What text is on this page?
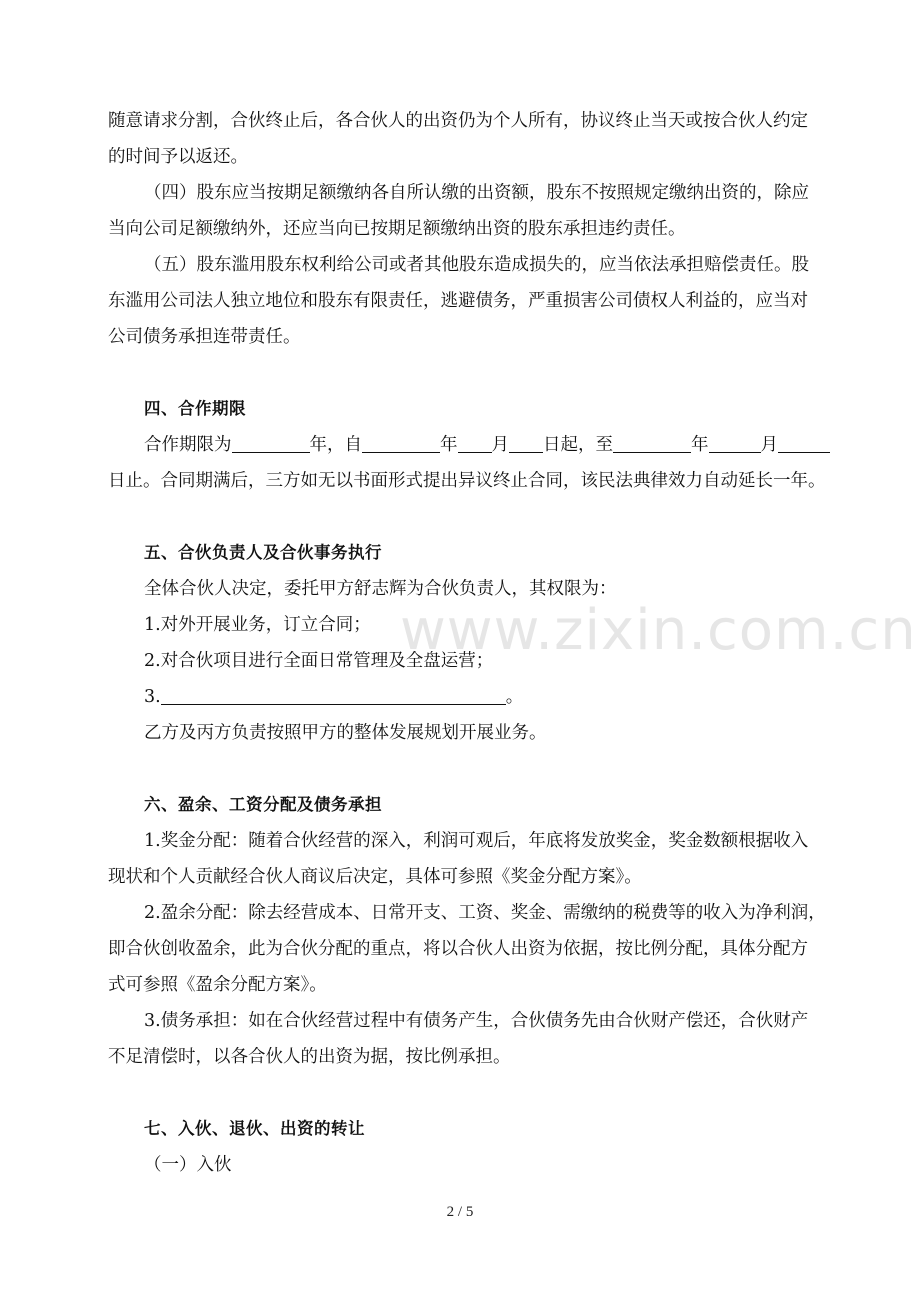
www.zixin.com.cn

随意请求分割，合伙终止后，各合伙人的出资仍为个人所有，协议终止当天或按合伙人约定

的时间予以返还。

（四）股东应当按期足额缴纳各自所认缴的出资额，股东不按照规定缴纳出资的，除应

当向公司足额缴纳外，还应当向已按期足额缴纳出资的股东承担违约责任。

（五）股东滥用股东权利给公司或者其他股东造成损失的，应当依法承担赔偿责任。股

东滥用公司法人独立地位和股东有限责任，逃避债务，严重损害公司债权人利益的，应当对

公司债务承担连带责任。

四、合作期限

合作期限为	年，自	年 月 日起，至	年	月

日止。合同期满后，三方如无以书面形式提出异议终止合同，该民法典律效力自动延长一年。

五、合伙负责人及合伙事务执行

全体合伙人决定，委托甲方舒志辉为合伙负责人，其权限为：

1.对外开展业务，订立合同；

2.对合伙项目进行全面日常管理及全盘运营；

3.	。

乙方及丙方负责按照甲方的整体发展规划开展业务。

六、盈余、工资分配及债务承担

1.奖金分配：随着合伙经营的深入，利润可观后，年底将发放奖金，奖金数额根据收入

现状和个人贡献经合伙人商议后决定，具体可参照《奖金分配方案》。

2.盈余分配：除去经营成本、日常开支、工资、奖金、需缴纳的税费等的收入为净利润，

即合伙创收盈余，此为合伙分配的重点，将以合伙人出资为依据，按比例分配，具体分配方

式可参照《盈余分配方案》。

3.债务承担：如在合伙经营过程中有债务产生，合伙债务先由合伙财产偿还，合伙财产

不足清偿时，以各合伙人的出资为据，按比例承担。

七、入伙、退伙、出资的转让

（一）入伙

2 / 5
